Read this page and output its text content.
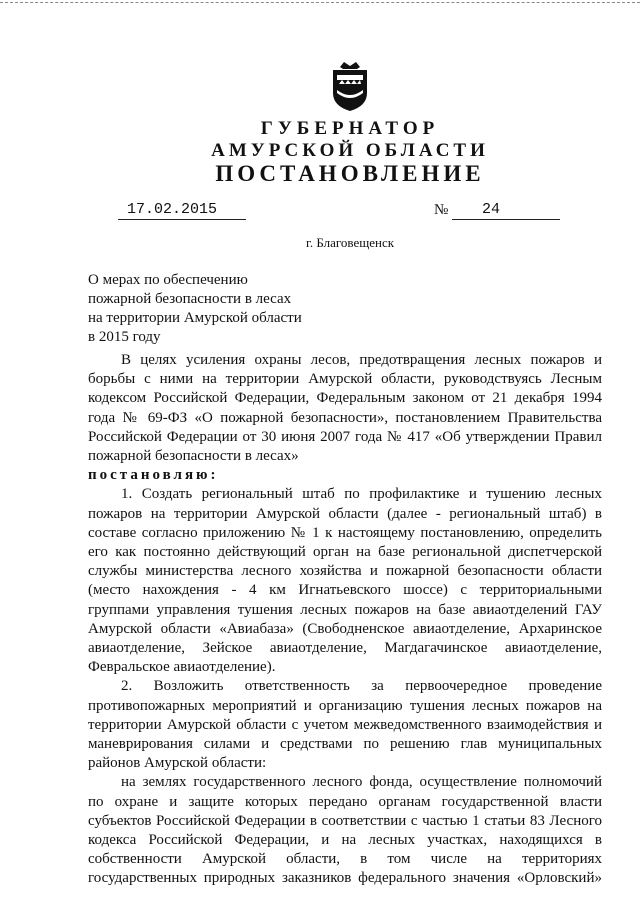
ГУБЕРНАТОР
АМУРСКОЙ ОБЛАСТИ
ПОСТАНОВЛЕНИЕ
17.02.2015	№ 24
г. Благовещенск
О мерах по обеспечению
пожарной безопасности в лесах
на территории Амурской области
в 2015 году

В целях усиления охраны лесов, предотвращения лесных пожаров и

борьбы с ними на территории Амурской области, руководствуясь Лесным

кодексом Российской Федерации, Федеральным законом от 21 декабря 1994

года № 69-ФЗ «О пожарной безопасности», постановлением Правительства

Российской Федерации от 30 июня 2007 года № 417 «Об утверждении Правил

пожарной безопасности в лесах»

постановляю:

1. Создать региональный штаб по профилактике и тушению лесных

пожаров на территории Амурской области (далее - региональный штаб) в

составе согласно приложению № 1 к настоящему постановлению, определить

его как постоянно действующий орган на базе региональной диспетчерской

службы министерства лесного хозяйства и пожарной безопасности области

(место нахождения - 4 км Игнатьевского шоссе) с территориальными

группами управления тушения лесных пожаров на базе авиаотделений ГАУ

Амурской области «Авиабаза» (Свободненское авиаотделение, Архаринское

авиаотделение, Зейское авиаотделение, Магдагачинское авиаотделение,

Февральское авиаотделение).

2. Возложить ответственность за первоочередное проведение

противопожарных мероприятий и организацию тушения лесных пожаров на

территории Амурской области с учетом межведомственного взаимодействия и

маневрирования силами и средствами по решению глав муниципальных

районов Амурской области:

на землях государственного лесного фонда, осуществление полномочий

по охране и защите которых передано органам государственной власти

субъектов Российской Федерации в соответствии с частью 1 статьи 83 Лесного

кодекса Российской Федерации, и на лесных участках, находящихся в

собственности Амурской области, в том числе на территориях

государственных природных заказников федерального значения «Орловский»
